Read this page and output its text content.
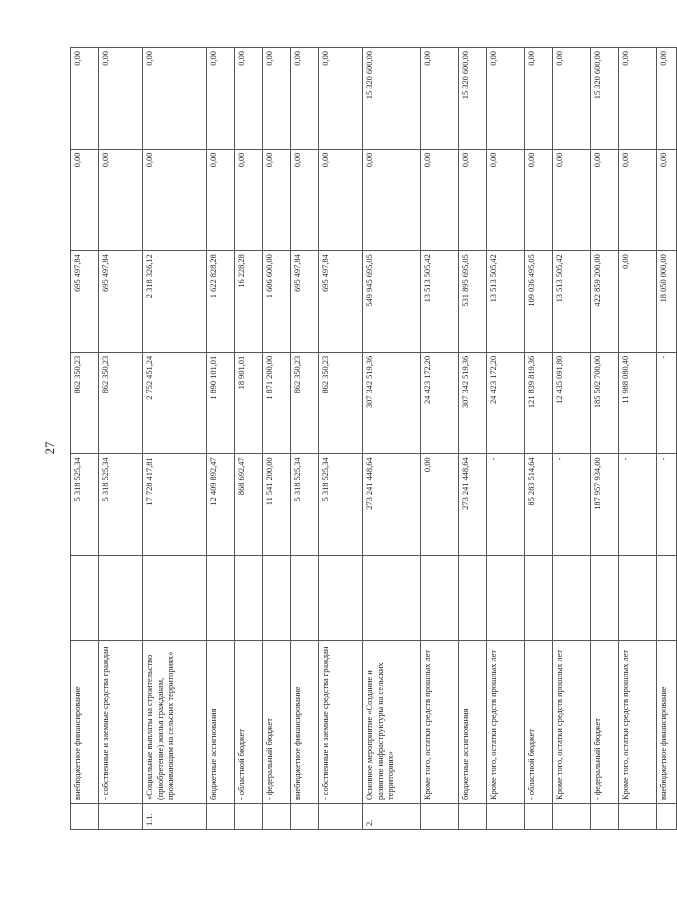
27
	внебюджетное финансирование		5 318 525,34	862 350,23	695 497,84	0,00	0,00
	- собственные и заемные средства граждан		5 318 525,34	862 350,23	695 497,84	0,00	0,00
1.1.	«Социальные выплаты на строительство (приобретение) жилья гражданам, проживающим на сельских территориях»		17 728 417,81	2 752 451,24	2 318 326,12	0,00	0,00
	бюджетные ассигнования		12 409 892,47	1 890 101,01	1 622 828,28	0,00	0,00
	- областной бюджет		868 692,47	18 901,01	16 228,28	0,00	0,00
	- федеральный бюджет		11 541 200,00	1 871 200,00	1 606 600,00	0,00	0,00
	внебюджетное финансирование		5 318 525,34	862 350,23	695 497,84	0,00	0,00
	- собственные и заемные средства граждан		5 318 525,34	862 350,23	695 497,84	0,00	0,00
2.	Основное мероприятие «Создание и развитие инфраструктуры на сельских территориях»		273 241 448,64	307 342 519,36	549 945 695,05	0,00	15 320 600,00
	Кроме того, остатки средств прошлых лет		0,00	24 423 172,20	13 513 505,42	0,00	0,00
	бюджетные ассигнования		273 241 448,64	307 342 519,36	531 895 695,05	0,00	15 320 600,00
	Кроме того, остатки средств прошлых лет		-	24 423 172,20	13 513 505,42	0,00	0,00
	- областной бюджет		85 283 514,64	121 839 819,36	109 036 495,05	0,00	0,00
	Кроме того, остатки средств прошлых лет		-	12 435 091,80	13 513 505,42	0,00	0,00
	- федеральный бюджет		187 957 934,00	185 502 700,00	422 859 200,00	0,00	15 320 600,00
	Кроме того, остатки средств прошлых лет		-	11 988 080,40	0,00	0,00	0,00
	внебюджетное финансирование		-	-	18 050 000,00	0,00	0,00
